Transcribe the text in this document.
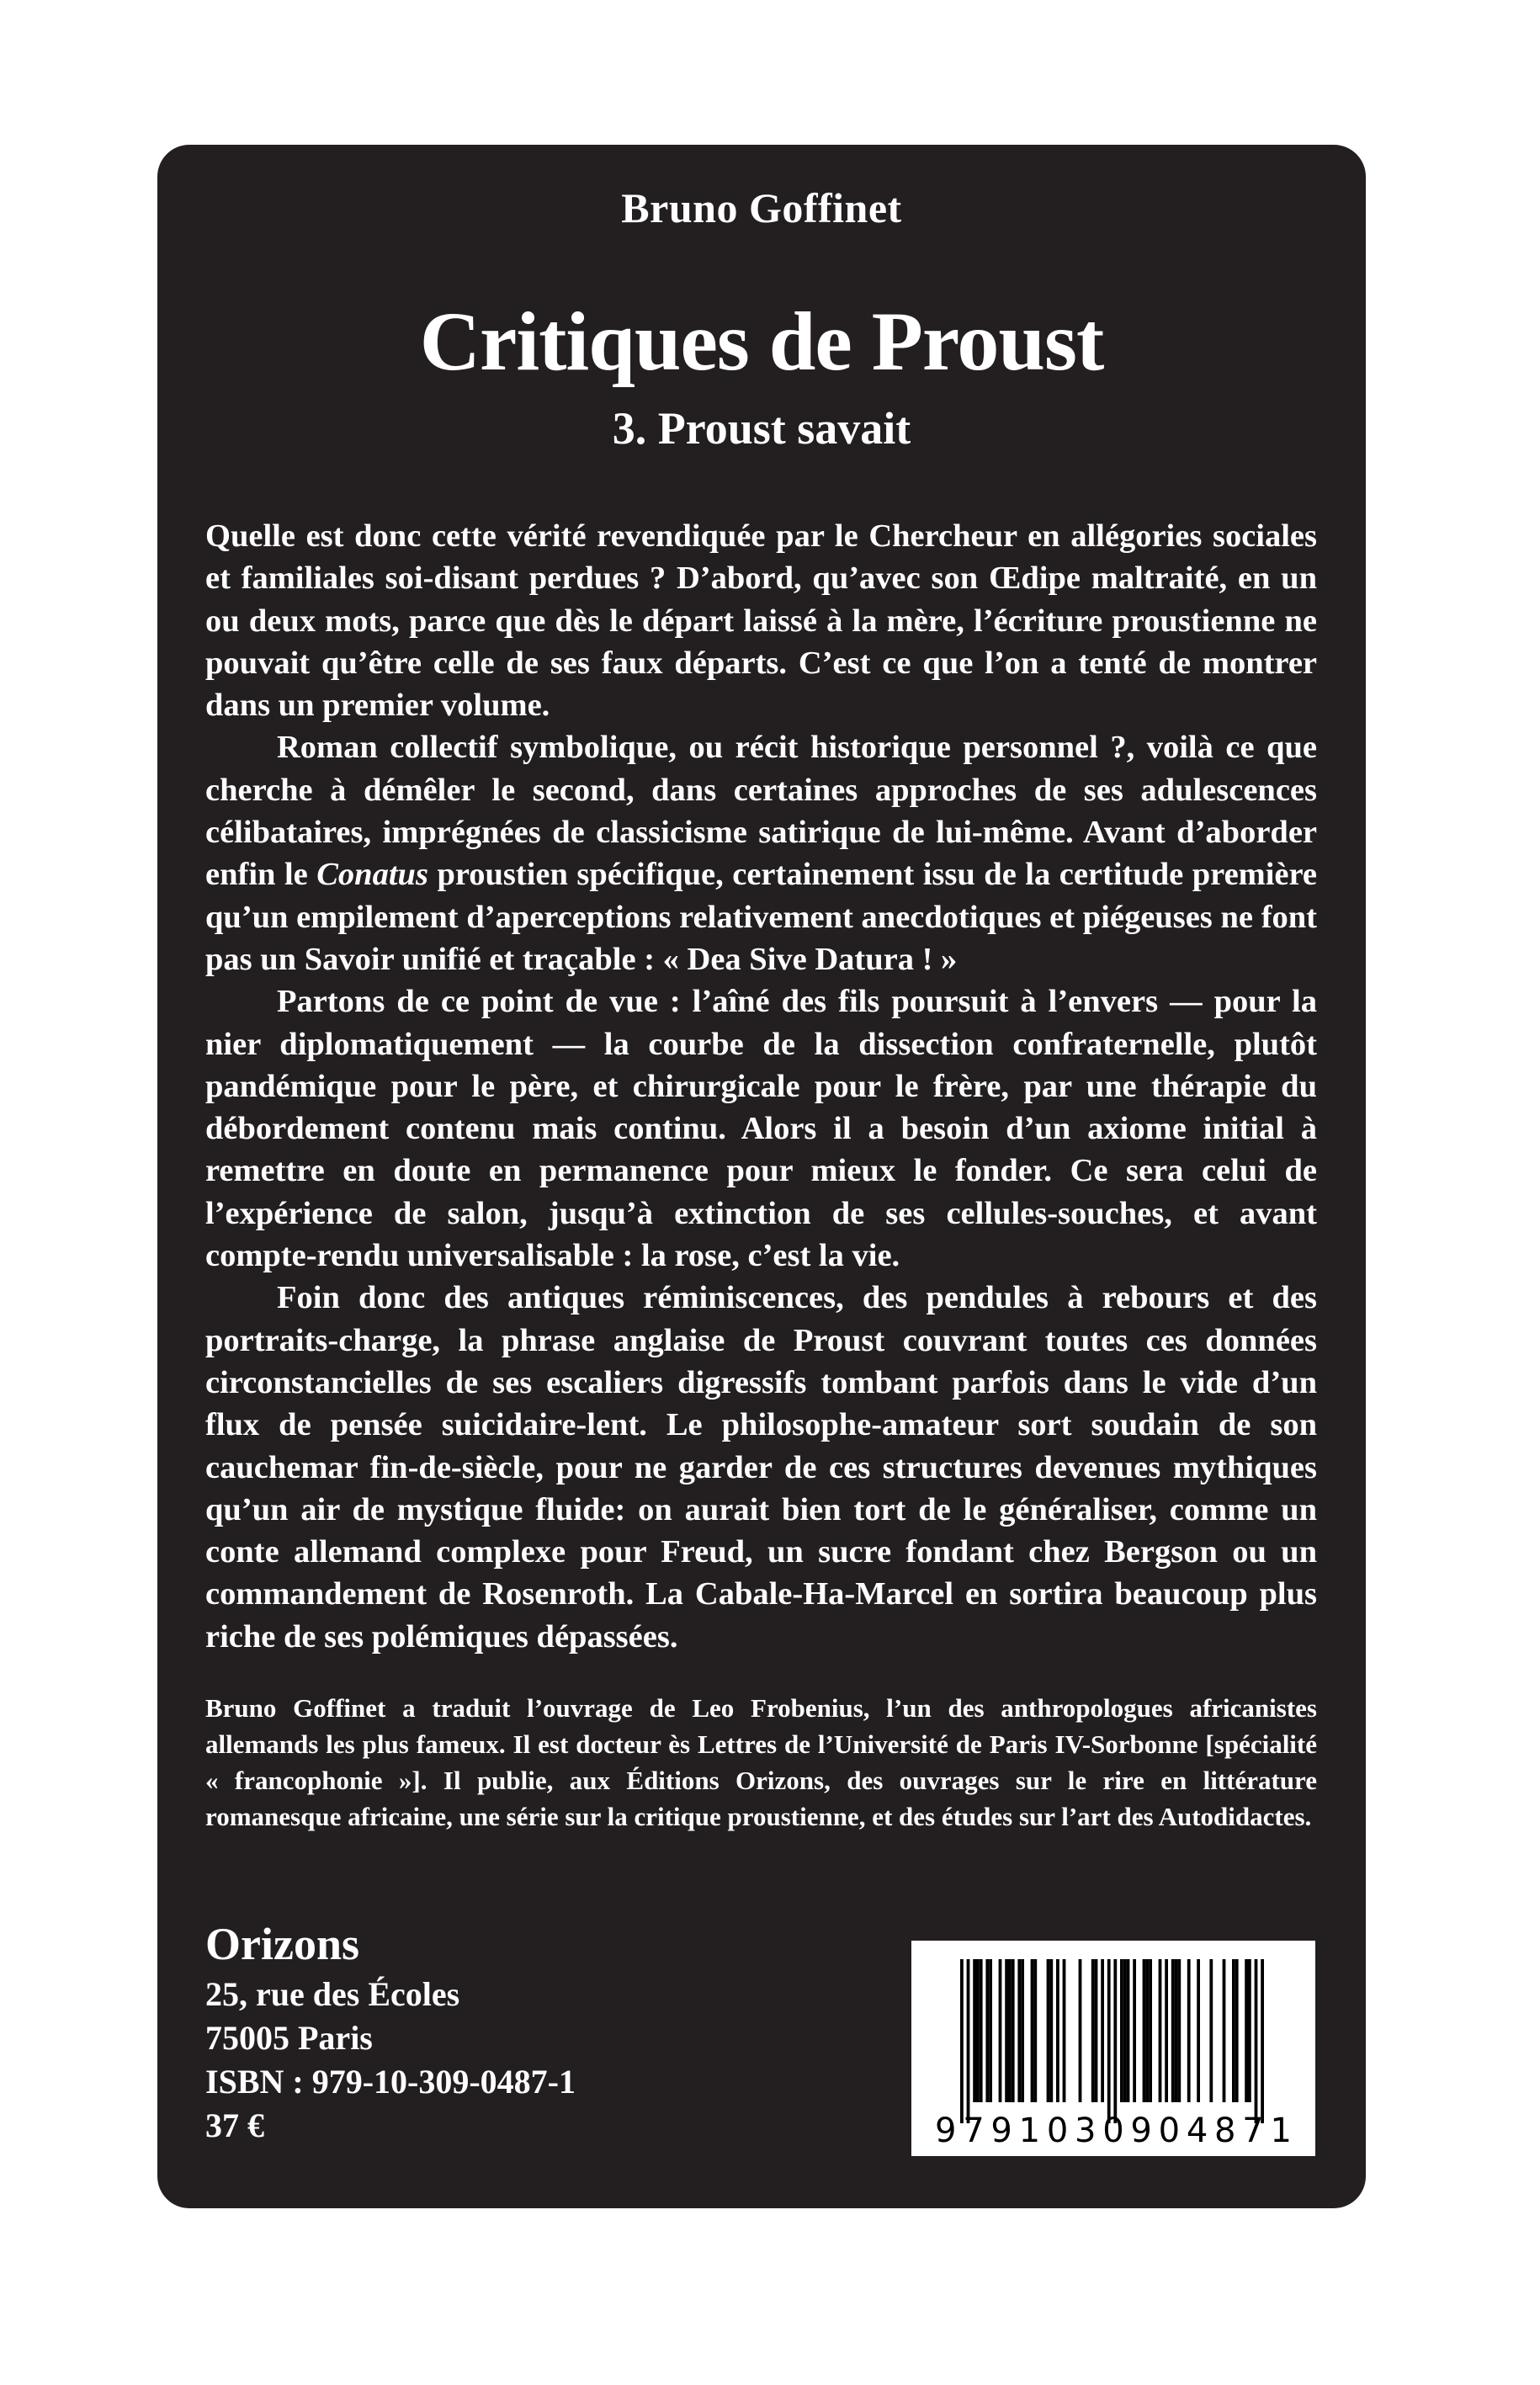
Bruno Goffinet
Critiques de Proust
3. Proust savait

Quelle est donc cette vérité revendiquée par le Chercheur en allégories sociales et familiales soi-disant perdues ? D’abord, qu’avec son Œdipe maltraité, en un ou deux mots, parce que dès le départ laissé à la mère, l’écriture proustienne ne pouvait qu’être celle de ses faux départs. C’est ce que l’on a tenté de montrer dans un premier volume.

Roman collectif symbolique, ou récit historique personnel ?, voilà ce que cherche à démêler le second, dans certaines approches de ses adulescences célibataires, imprégnées de classicisme satirique de lui-même. Avant d’aborder enfin le Conatus proustien spécifique, certainement issu de la certitude première qu’un empilement d’aperceptions relativement anecdotiques et piégeuses ne font pas un Savoir unifié et traçable : « Dea Sive Datura ! »

Partons de ce point de vue : l’aîné des fils poursuit à l’envers — pour la nier diplomatiquement — la courbe de la dissection confraternelle, plutôt pandémique pour le père, et chirurgicale pour le frère, par une thérapie du débordement contenu mais continu. Alors il a besoin d’un axiome initial à remettre en doute en permanence pour mieux le fonder. Ce sera celui de l’expérience de salon, jusqu’à extinction de ses cellules-souches, et avant compte-rendu universalisable : la rose, c’est la vie.

Foin donc des antiques réminiscences, des pendules à rebours et des portraits-charge, la phrase anglaise de Proust couvrant toutes ces données circonstancielles de ses escaliers digressifs tombant parfois dans le vide d’un flux de pensée suicidaire-lent. Le philosophe-amateur sort soudain de son cauchemar fin-de-siècle, pour ne garder de ces structures devenues mythiques qu’un air de mystique fluide: on aurait bien tort de le généraliser, comme un conte allemand complexe pour Freud, un sucre fondant chez Bergson ou un commandement de Rosenroth. La Cabale-Ha-Marcel en sortira beaucoup plus riche de ses polémiques dépassées.

Bruno Goffinet a traduit l’ouvrage de Leo Frobenius, l’un des anthropologues africanistes allemands les plus fameux. Il est docteur ès Lettres de l’Université de Paris IV-Sorbonne [spécialité « francophonie »]. Il publie, aux Éditions Orizons, des ouvrages sur le rire en littérature romanesque africaine, une série sur la critique proustienne, et des études sur l’art des Autodidactes.
Orizons
25, rue des Écoles
75005 Paris
ISBN : 979-10-309-0487-1
37 €	9 7 9 1 0 3 0 9 0 4 8 7 1
